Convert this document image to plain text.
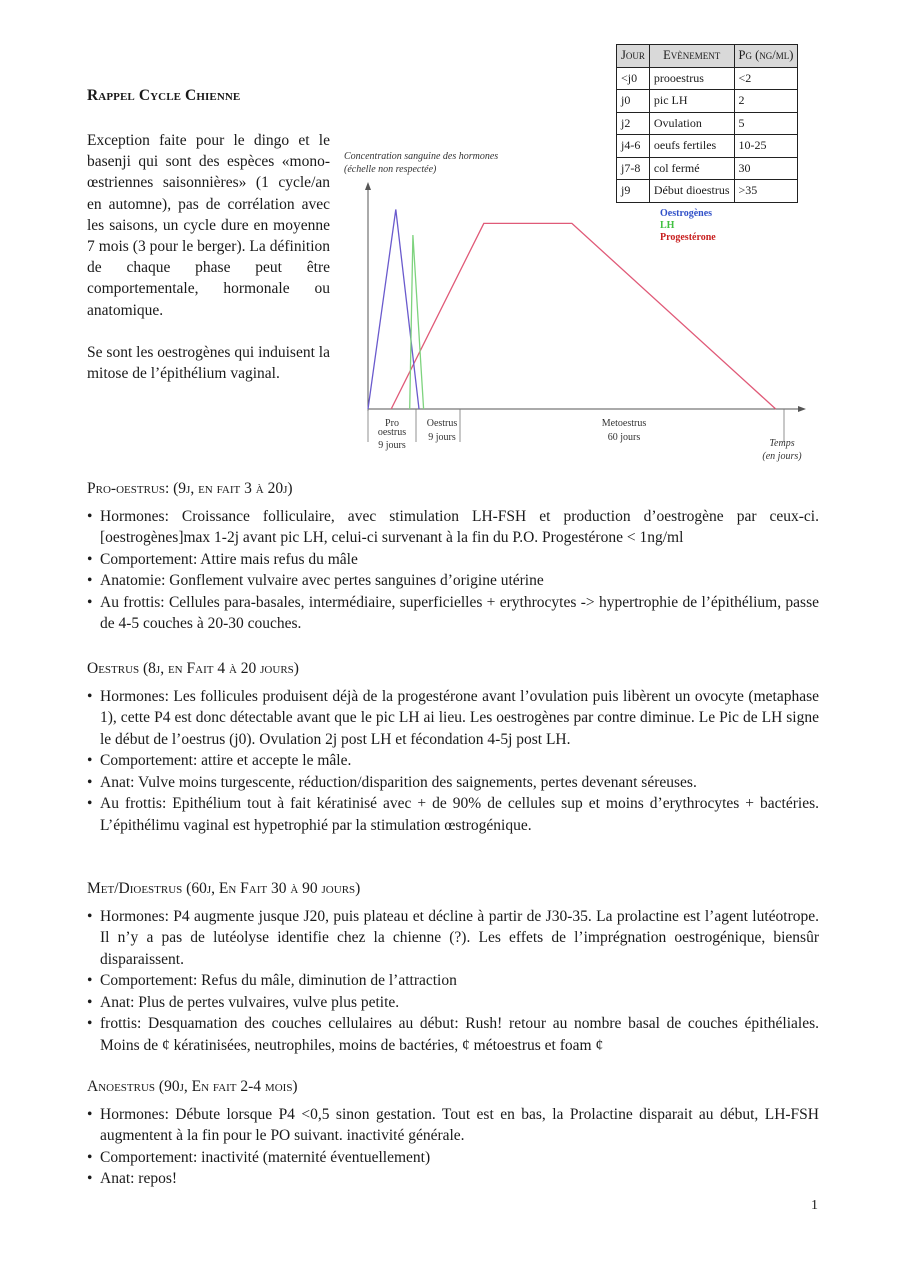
Rappel Cycle Chienne

Exception faite pour le dingo et le basenji qui sont des espèces «mono-œstriennes saisonnières» (1 cycle/an en automne), pas de corrélation avec les saisons, un cycle dure en moyenne 7 mois (3 pour le berger). La définition de chaque phase peut être comportementale, hormonale ou anatomique.

Se sont les oestrogènes qui induisent la mitose de l’épithélium vaginal.

Jour	Evènement	Pg (ng/ml)
<j0	prooestrus	<2
j0	pic LH	2
j2	Ovulation	5
j4-6	oeufs fertiles	10-25
j7-8	col fermé	30
j9	Début dioestrus	>35
Concentration sanguine des hormones
(échelle non respectée)
Pro
oestrus
9 jours
Oestrus
9 jours
Metoestrus
60 jours
Temps
(en jours)
Oestrogènes
LH
Progestérone
Pro-oestrus: (9j, en fait 3 à 20j)
• Hormones: Croissance folliculaire, avec stimulation LH-FSH et production d’oestrogène par ceux-ci. [oestrogènes]max 1-2j avant pic LH, celui-ci survenant à la fin du P.O. Progestérone < 1ng/ml
• Comportement: Attire mais refus du mâle
• Anatomie: Gonflement vulvaire avec pertes sanguines d’origine utérine
• Au frottis: Cellules para-basales, intermédiaire, superficielles + erythrocytes -> hypertrophie de l’épithélium, passe de 4-5 couches à 20-30 couches.
Oestrus (8j, en Fait 4 à 20 jours)
• Hormones: Les follicules produisent déjà de la progestérone avant l’ovulation puis libèrent un ovocyte (metaphase 1), cette P4 est donc détectable avant que le pic LH ai lieu. Les oestrogènes par contre diminue. Le Pic de LH signe le début de l’oestrus (j0). Ovulation 2j post LH et fécondation 4-5j post LH.
• Comportement: attire et accepte le mâle.
• Anat: Vulve moins turgescente, réduction/disparition des saignements, pertes devenant séreuses.
• Au frottis: Epithélium tout à fait kératinisé avec + de 90% de cellules sup et moins d’erythrocytes + bactéries. L’épithélimu vaginal est hypetrophié par la stimulation œstrogénique.
Met/Dioestrus (60j, En Fait 30 à 90 jours)
• Hormones: P4 augmente jusque J20, puis plateau et décline à partir de J30-35. La prolactine est l’agent lutéotrope. Il n’y a pas de lutéolyse identifie chez la chienne (?). Les effets de l’imprégnation oestrogénique, biensûr disparaissent.
• Comportement: Refus du mâle, diminution de l’attraction
• Anat: Plus de pertes vulvaires, vulve plus petite.
• frottis: Desquamation des couches cellulaires au début: Rush! retour au nombre basal de couches épithéliales. Moins de ¢ kératinisées, neutrophiles, moins de bactéries, ¢ métoestrus et foam ¢
Anoestrus (90j, En fait 2-4 mois)
• Hormones: Débute lorsque P4 <0,5 sinon gestation. Tout est en bas, la Prolactine disparait au début, LH-FSH augmentent à la fin pour le PO suivant. inactivité générale.
• Comportement: inactivité (maternité éventuellement)
• Anat: repos!
1
